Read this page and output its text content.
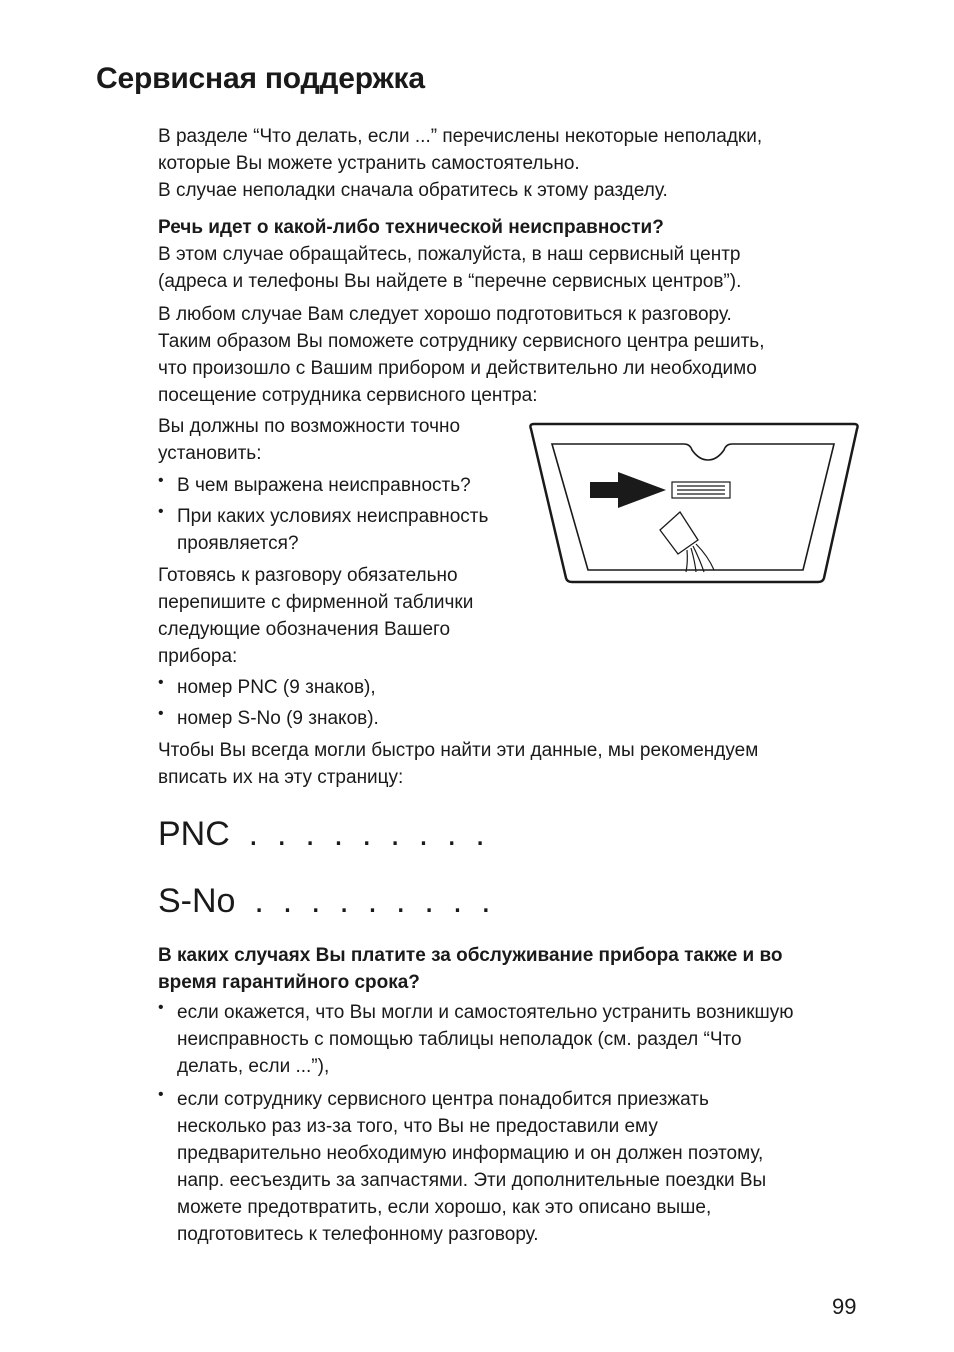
Сервисная поддержка

В разделе “Что делать, если ...” перечислены некоторые неполадки,

которые Вы можете устранить самостоятельно.

В случае неполадки сначала обратитесь к этому разделу.

Речь идет о какой-либо технической неисправности?

В этом случае обращайтесь, пожалуйста, в наш сервисный центр

(адреса и телефоны Вы найдете в “перечне сервисных центров”).

В любом случае Вам следует хорошо подготовиться к разговору.

Таким образом Вы поможете сотруднику сервисного центра решить,

что произошло с Вашим прибором и действительно ли необходимо

посещение сотрудника сервисного центра:

Вы должны по возможности точно

установить:

• В чем выражена неисправность?

• При каких условиях неисправность

проявляется?

Готовясь к разговору обязательно

перепишите с фирменной таблички

следующие обозначения Вашего

прибора:

• номер PNC (9 знаков),

• номер S-No (9 знаков).

Чтобы Вы всегда могли быстро найти эти данные, мы рекомендуем

вписать их на эту страницу:

PNC  .  .  .  .  .  .  .  .  .
S-No  .  .  .  .  .  .  .  .  .

В каких случаях Вы платите за обслуживание прибора также и во

время гарантийного срока?

• если окажется, что Вы могли и самостоятельно устранить возникшую

неисправность с помощью таблицы неполадок (см. раздел “Что

делать, если ...”),

• если сотруднику сервисного центра понадобится приезжать

несколько раз из-за того, что Вы не предоставили ему

предварительно необходимую информацию и он должен поэтому,

напр. еесъездить за запчастями. Эти дополнительные поездки Вы

можете предотвратить, если хорошо, как это описано выше,

подготовитесь к телефонному разговору.

99
